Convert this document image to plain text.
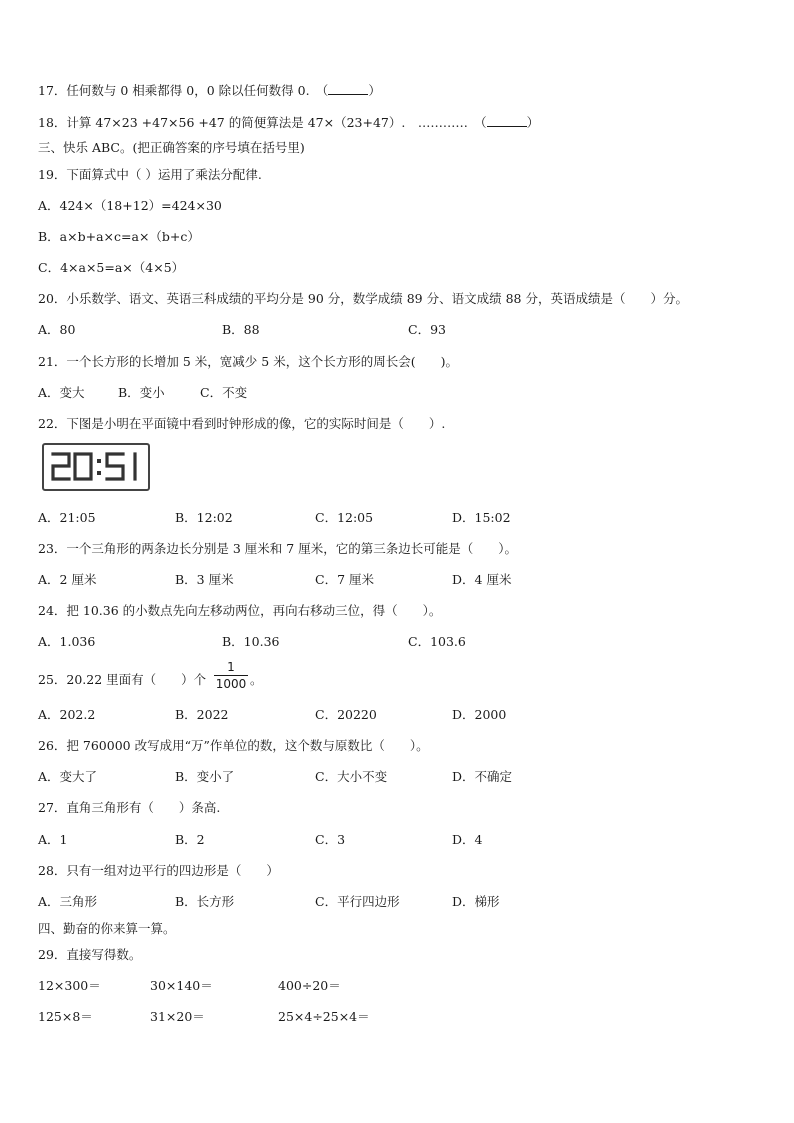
17．任何数与 0 相乘都得 0，0 除以任何数得 0.　（	）
18．计算 47×23 +47×56 +47 的简便算法是 47×（23+47）.　…………　（	）
三、快乐 ABC。(把正确答案的序号填在括号里)
19．下面算式中（ ）运用了乘法分配律.
A．424×（18+12）=424×30
B．a×b+a×c=a×（b+c）
C．4×a×5=a×（4×5）
20．小乐数学、语文、英语三科成绩的平均分是 90 分，数学成绩 89 分、语文成绩 88 分，英语成绩是（　　）分。
A．80	B．88	C．93
21．一个长方形的长增加 5 米，宽减少 5 米，这个长方形的周长会(　　)。
A．变大	B．变小	C．不变
22．下图是小明在平面镜中看到时钟形成的像，它的实际时间是（　　）.
A．21:05	B．12:02	C．12:05	D．15:02
23．一个三角形的两条边长分别是 3 厘米和 7 厘米，它的第三条边长可能是（　　）。
A．2 厘米	B．3 厘米	C．7 厘米	D．4 厘米
24．把 10.36 的小数点先向左移动两位，再向右移动三位，得（　　）。
A．1.036	B．10.36	C．103.6
25．20.22 里面有（　　）个
1
1000 。
A．202.2	B．2022	C．20220	D．2000
26．把 760000 改写成用“万”作单位的数，这个数与原数比（　　）。
A．变大了	B．变小了	C．大小不变	D．不确定
27．直角三角形有（　　）条高.
A．1	B．2	C．3	D．4
28．只有一组对边平行的四边形是（　　）
A．三角形	B．长方形	C．平行四边形	D．梯形
四、勤奋的你来算一算。
29．直接写得数。
12×300＝	30×140＝	400÷20＝
125×8＝	31×20＝	25×4÷25×4＝
